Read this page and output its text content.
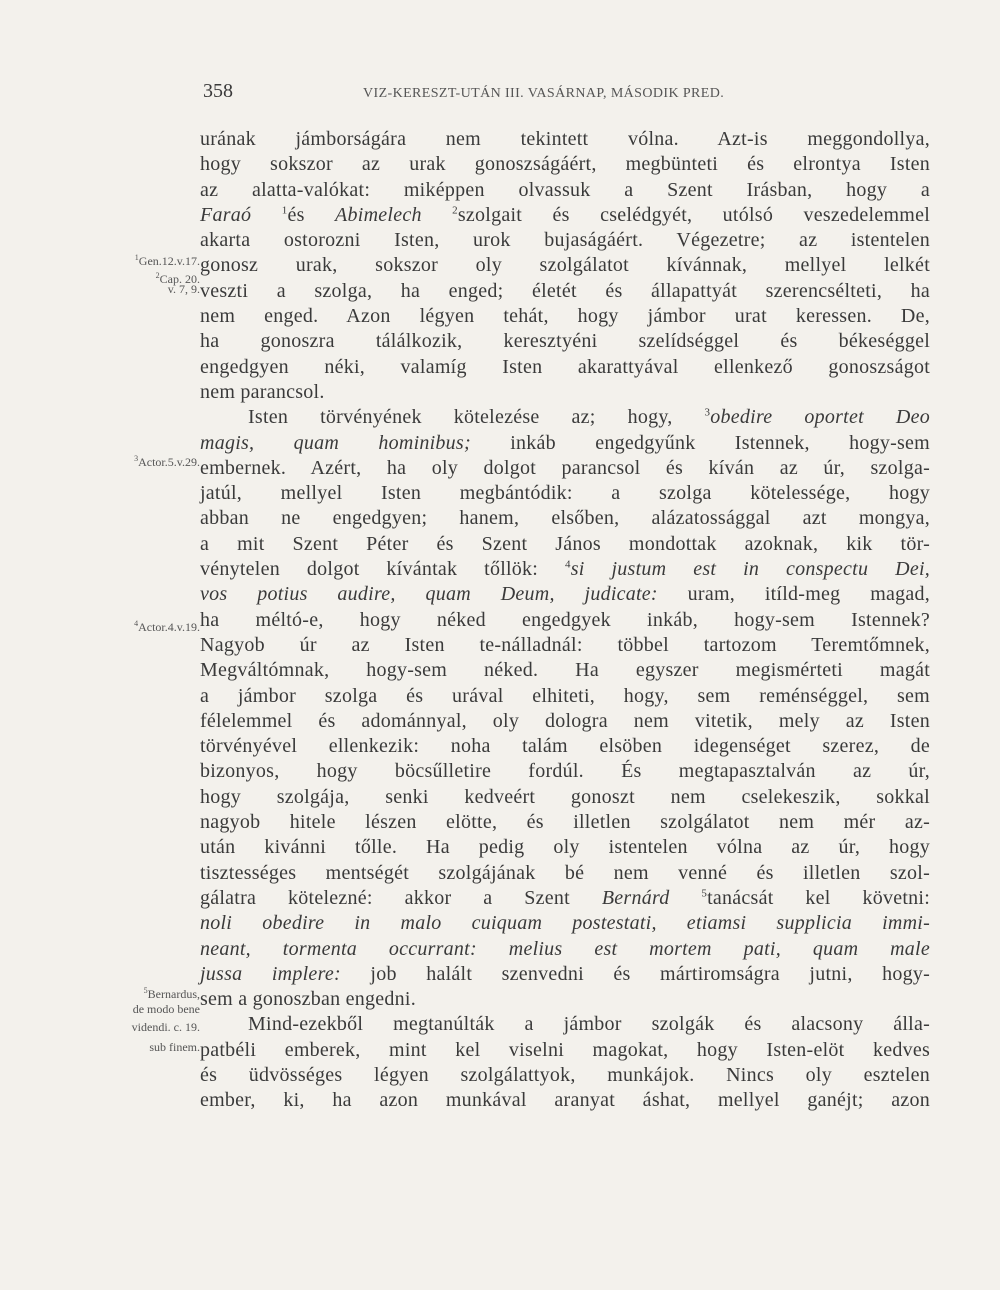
358	VIZ-KERESZT-UTÁN III. VASÁRNAP, MÁSODIK PRED.
$^1$Gen.12.v.17.
$^2$Cap. 20.
v. 7, 9.
$^3$Actor.5.v.29.
$^4$Actor.4.v.19.
$^5$Bernardus,
de modo bene
videndi. c. 19.
sub finem.
urának jámborságára nem tekintett vólna. Azt-is meggondollya,
hogy sokszor az urak gonoszságáért, megbünteti és elrontya Isten
az alatta-valókat: miképpen olvassuk a Szent Irásban, hogy a
Faraó	$^1$és Abimelech	$^2$szolgait és cselédgyét, utólsó veszedelemmel
akarta ostorozni Isten, urok bujaságáért. Végezetre; az istentelen
gonosz urak, sokszor oly szolgálatot kívánnak, mellyel lelkét
veszti a szolga, ha enged; életét és állapattyát szerencsélteti, ha
nem enged. Azon légyen tehát, hogy jámbor urat keressen. De,
ha gonoszra tálálkozik, keresztyéni szelídséggel és békeséggel
engedgyen néki, valamíg Isten akarattyával ellenkező gonoszságot
nem parancsol.
Isten törvényének kötelezése az; hogy,	$^3$obedire oportet Deo
magis, quam hominibus; inkáb engedgyűnk Istennek, hogy-sem
embernek. Azért, ha oly dolgot parancsol és kíván az úr, szolga-
jatúl, mellyel Isten megbántódik: a szolga kötelessége, hogy
abban ne engedgyen; hanem, elsőben, alázatossággal azt mongya,
a mit Szent Péter és Szent János mondottak azoknak, kik tör-
vénytelen dolgot kívántak tőllök: $^4$si justum est in conspectu Dei,
vos potius audire, quam Deum, judicate: uram, itíld-meg magad,
ha méltó-e, hogy néked engedgyek inkáb, hogy-sem Istennek?
Nagyob úr az Isten te-nálladnál: többel tartozom Teremtőmnek,
Megváltómnak, hogy-sem néked. Ha egyszer megismérteti magát
a jámbor szolga és urával elhiteti, hogy, sem reménséggel, sem
félelemmel és adománnyal, oly dologra nem vitetik, mely az Isten
törvényével ellenkezik: noha talám elsöben idegenséget szerez, de
bizonyos, hogy böcsűlletire fordúl. És megtapasztalván az úr,
hogy szolgája, senki kedveért gonoszt nem cselekeszik, sokkal
nagyob hitele lészen elötte, és illetlen szolgálatot nem mér az-
után kivánni tőlle. Ha pedig oly istentelen vólna az úr, hogy
tisztességes mentségét szolgájának bé nem venné és illetlen szol-
gálatra kötelezné: akkor a Szent Bernárd	$^5$tanácsát kel követni:
noli obedire in malo cuiquam postestati, etiamsi supplicia immi-
neant, tormenta occurrant: melius est mortem pati, quam male
jussa implere: job halált szenvedni és mártiromságra jutni, hogy-
sem a gonoszban engedni.
Mind-ezekből megtanúlták a jámbor szolgák és alacsony álla-
patbéli emberek, mint kel viselni magokat, hogy Isten-elöt kedves
és üdvösséges légyen szolgálattyok, munkájok. Nincs oly esztelen
ember, ki, ha azon munkával aranyat áshat, mellyel ganéjt; azon
